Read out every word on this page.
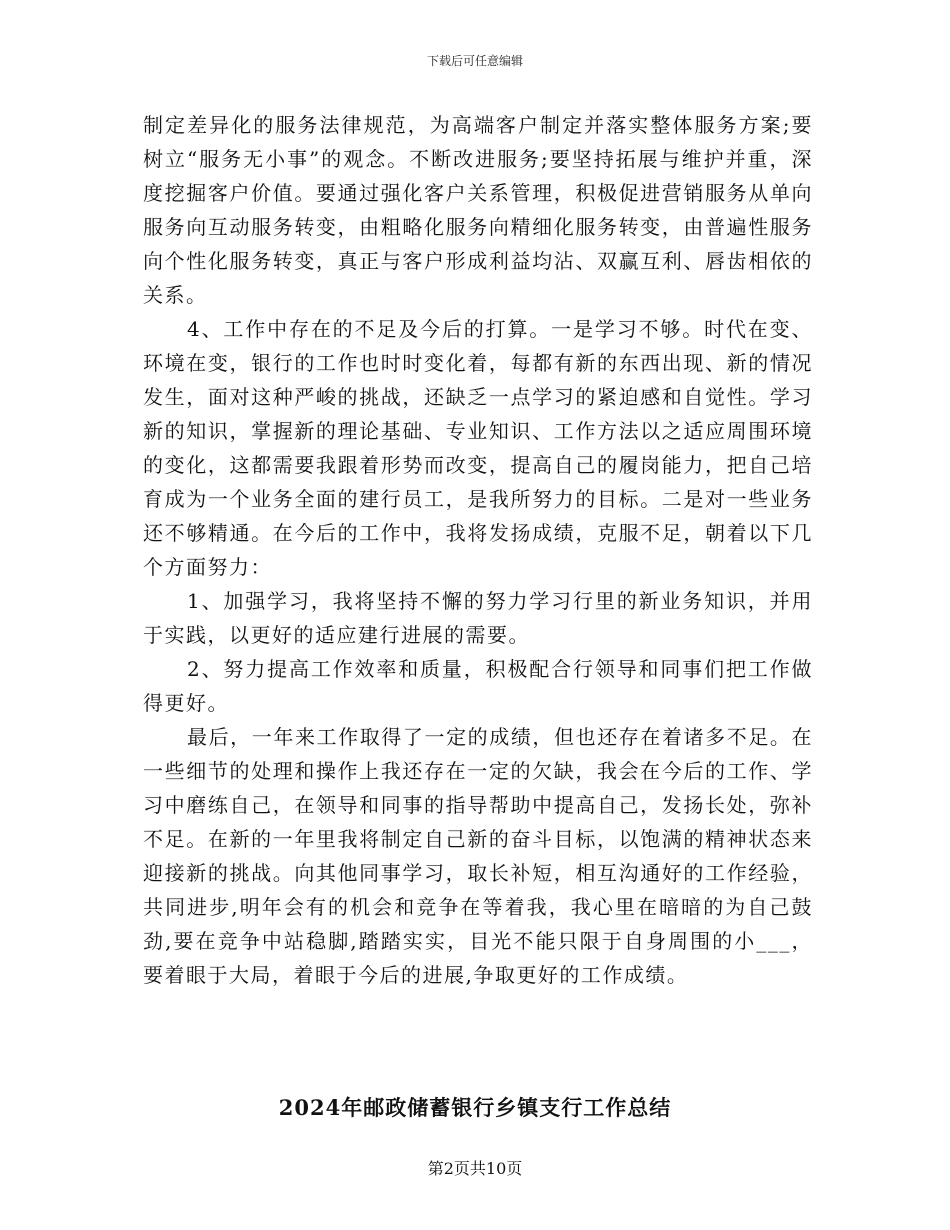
下载后可任意编辑

制定差异化的服务法律规范，为高端客户制定并落实整体服务方案;要树立“服务无小事”的观念。不断改进服务;要坚持拓展与维护并重，深度挖掘客户价值。要通过强化客户关系管理，积极促进营销服务从单向服务向互动服务转变，由粗略化服务向精细化服务转变，由普遍性服务向个性化服务转变，真正与客户形成利益均沾、双赢互利、唇齿相依的关系。

4、工作中存在的不足及今后的打算。一是学习不够。时代在变、环境在变，银行的工作也时时变化着，每都有新的东西出现、新的情况发生，面对这种严峻的挑战，还缺乏一点学习的紧迫感和自觉性。学习新的知识，掌握新的理论基础、专业知识、工作方法以之适应周围环境的变化，这都需要我跟着形势而改变，提高自己的履岗能力，把自己培育成为一个业务全面的建行员工，是我所努力的目标。二是对一些业务还不够精通。在今后的工作中，我将发扬成绩，克服不足，朝着以下几个方面努力：

1、加强学习，我将坚持不懈的努力学习行里的新业务知识，并用于实践，以更好的适应建行进展的需要。

2、努力提高工作效率和质量，积极配合行领导和同事们把工作做得更好。

最后，一年来工作取得了一定的成绩，但也还存在着诸多不足。在一些细节的处理和操作上我还存在一定的欠缺，我会在今后的工作、学习中磨练自己，在领导和同事的指导帮助中提高自己，发扬长处，弥补不足。在新的一年里我将制定自己新的奋斗目标，以饱满的精神状态来迎接新的挑战。向其他同事学习，取长补短，相互沟通好的工作经验，共同进步,明年会有的机会和竞争在等着我，我心里在暗暗的为自己鼓劲,要在竞争中站稳脚,踏踏实实，目光不能只限于自身周围的小___，要着眼于大局，着眼于今后的进展,争取更好的工作成绩。

2024年邮政储蓄银行乡镇支行工作总结
第2页共10页
